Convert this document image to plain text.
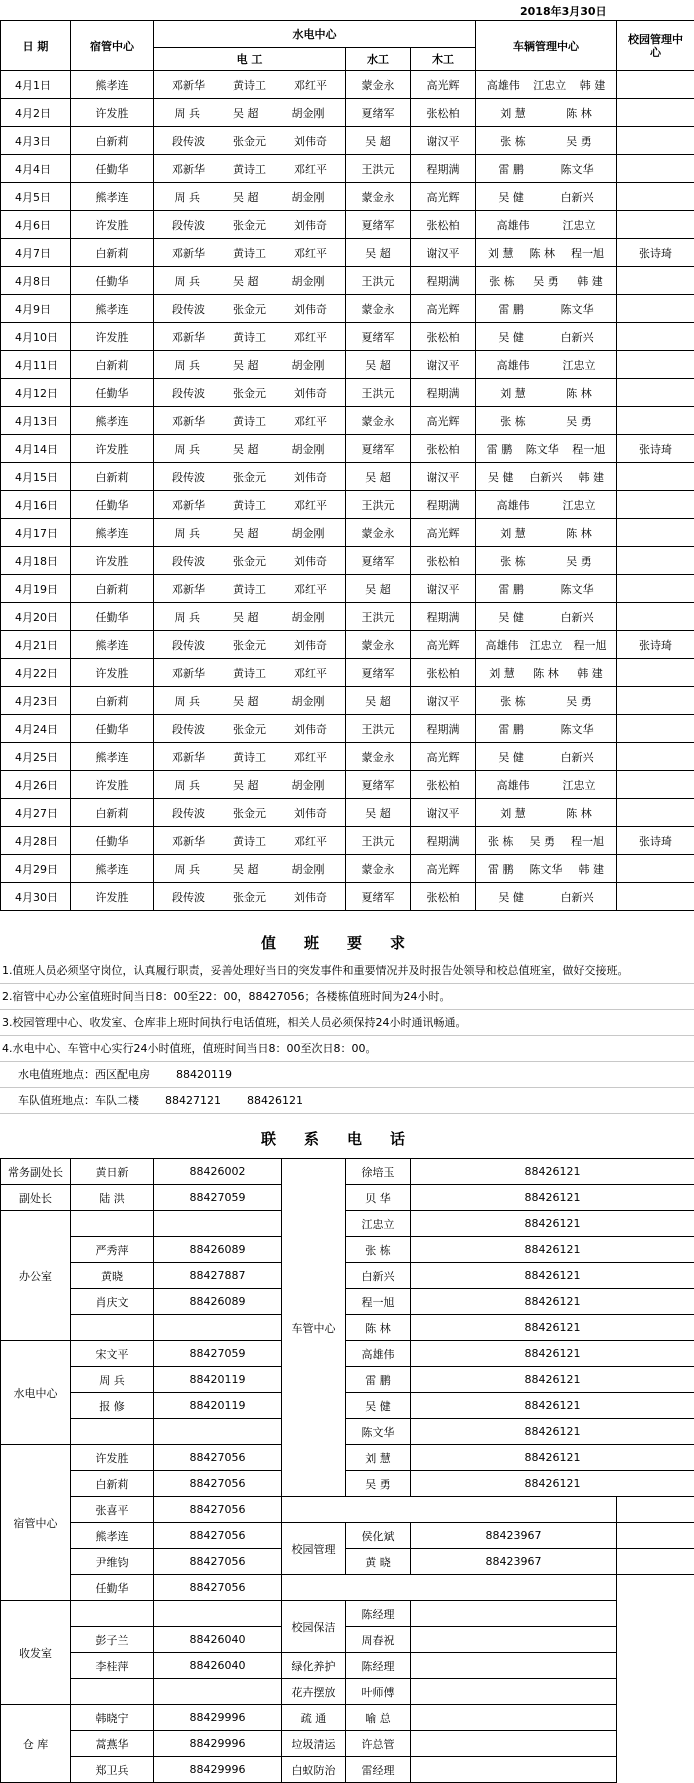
2018年3月30日
日 期	宿管中心	水电中心			车辆管理中心	校园管理中心
		电 工	水工	木工		
4月1日	熊孝连	邓新华 黄诗工 邓红平	蒙金永	高光辉	高雄伟 江忠立 韩 建	

4月2日	许发胜	周 兵 吴 超 胡金刚	夏绪军	张松柏	刘 慧 陈 林	

4月3日	白新莉	段传波 张金元 刘伟奇	吴 超	谢汉平	张 栋 吴 勇	

4月4日	任勤华	邓新华 黄诗工 邓红平	王洪元	程期满	雷 鹏 陈文华	

4月5日	熊孝连	周 兵 吴 超 胡金刚	蒙金永	高光辉	吴 健 白新兴	

4月6日	许发胜	段传波 张金元 刘伟奇	夏绪军	张松柏	高雄伟 江忠立	

4月7日	白新莉	邓新华 黄诗工 邓红平	吴 超	谢汉平	刘 慧 陈 林 程一旭	张诗琦
4月8日	任勤华	周 兵 吴 超 胡金刚	王洪元	程期满	张 栋 吴 勇 韩 建	

4月9日	熊孝连	段传波 张金元 刘伟奇	蒙金永	高光辉	雷 鹏 陈文华	

4月10日	许发胜	邓新华 黄诗工 邓红平	夏绪军	张松柏	吴 健 白新兴	

4月11日	白新莉	周 兵 吴 超 胡金刚	吴 超	谢汉平	高雄伟 江忠立	

4月12日	任勤华	段传波 张金元 刘伟奇	王洪元	程期满	刘 慧 陈 林	

4月13日	熊孝连	邓新华 黄诗工 邓红平	蒙金永	高光辉	张 栋 吴 勇	

4月14日	许发胜	周 兵 吴 超 胡金刚	夏绪军	张松柏	雷 鹏 陈文华 程一旭	张诗琦
4月15日	白新莉	段传波 张金元 刘伟奇	吴 超	谢汉平	吴 健 白新兴 韩 建	

4月16日	任勤华	邓新华 黄诗工 邓红平	王洪元	程期满	高雄伟 江忠立	

4月17日	熊孝连	周 兵 吴 超 胡金刚	蒙金永	高光辉	刘 慧 陈 林	

4月18日	许发胜	段传波 张金元 刘伟奇	夏绪军	张松柏	张 栋 吴 勇	

4月19日	白新莉	邓新华 黄诗工 邓红平	吴 超	谢汉平	雷 鹏 陈文华	

4月20日	任勤华	周 兵 吴 超 胡金刚	王洪元	程期满	吴 健 白新兴	

4月21日	熊孝连	段传波 张金元 刘伟奇	蒙金永	高光辉	高雄伟 江忠立 程一旭	张诗琦
4月22日	许发胜	邓新华 黄诗工 邓红平	夏绪军	张松柏	刘 慧 陈 林 韩 建	

4月23日	白新莉	周 兵 吴 超 胡金刚	吴 超	谢汉平	张 栋 吴 勇	

4月24日	任勤华	段传波 张金元 刘伟奇	王洪元	程期满	雷 鹏 陈文华	

4月25日	熊孝连	邓新华 黄诗工 邓红平	蒙金永	高光辉	吴 健 白新兴	

4月26日	许发胜	周 兵 吴 超 胡金刚	夏绪军	张松柏	高雄伟 江忠立	

4月27日	白新莉	段传波 张金元 刘伟奇	吴 超	谢汉平	刘 慧 陈 林	

4月28日	任勤华	邓新华 黄诗工 邓红平	王洪元	程期满	张 栋 吴 勇 程一旭	张诗琦
4月29日	熊孝连	周 兵 吴 超 胡金刚	蒙金永	高光辉	雷 鹏 陈文华 韩 建	

4月30日	许发胜	段传波 张金元 刘伟奇	夏绪军	张松柏	吴 健 白新兴	

值班要求
1.值班人员必须坚守岗位，认真履行职责，妥善处理好当日的突发事件和重要情况并及时报告处领导和校总值班室，做好交接班。
2.宿管中心办公室值班时间当日8：00至22：00，88427056；各楼栋值班时间为24小时。
3.校园管理中心、收发室、仓库非上班时间执行电话值班，相关人员必须保持24小时通讯畅通。
4.水电中心、车管中心实行24小时值班，值班时间当日8：00至次日8：00。
水电值班地点：西区配电房 88420119
车队值班地点：车队二楼 88427121 88426121
联系电话
常务副处长	黄日新	88426002	车管中心	徐培玉	88426121	
副处长	陆 洪	88427059		贝 华	88426121	
办公室				江忠立	88426121	
	严秀萍	88426089		张 栋	88426121	
	黄晓	88427887		白新兴	88426121	
	肖庆文	88426089		程一旭	88426121	
				陈 林	88426121	
水电中心	宋文平	88427059		高雄伟	88426121	
	周 兵	88420119		雷 鹏	88426121	
	报 修	88420119		吴 健	88426121	
				陈文华	88426121	
宿管中心	许发胜	88427056		刘 慧	88426121	
	白新莉	88427056		吴 勇	88426121	
	张喜平	88427056				
	熊孝连	88427056	校园管理	侯化斌	88423967	
	尹维钧	88427056		黄 晓	88423967	
	任勤华	88427056				
收发室			校园保洁	陈经理		
	彭子兰	88426040		周春祝		
	李桂萍	88426040	绿化养护	陈经理		
			花卉摆放	叶师傅		
仓 库	韩晓宁	88429996	疏 通	喻 总		
	蒿燕华	88429996	垃圾清运	许总管		
	郑卫兵	88429996	白蚁防治	雷经理		
